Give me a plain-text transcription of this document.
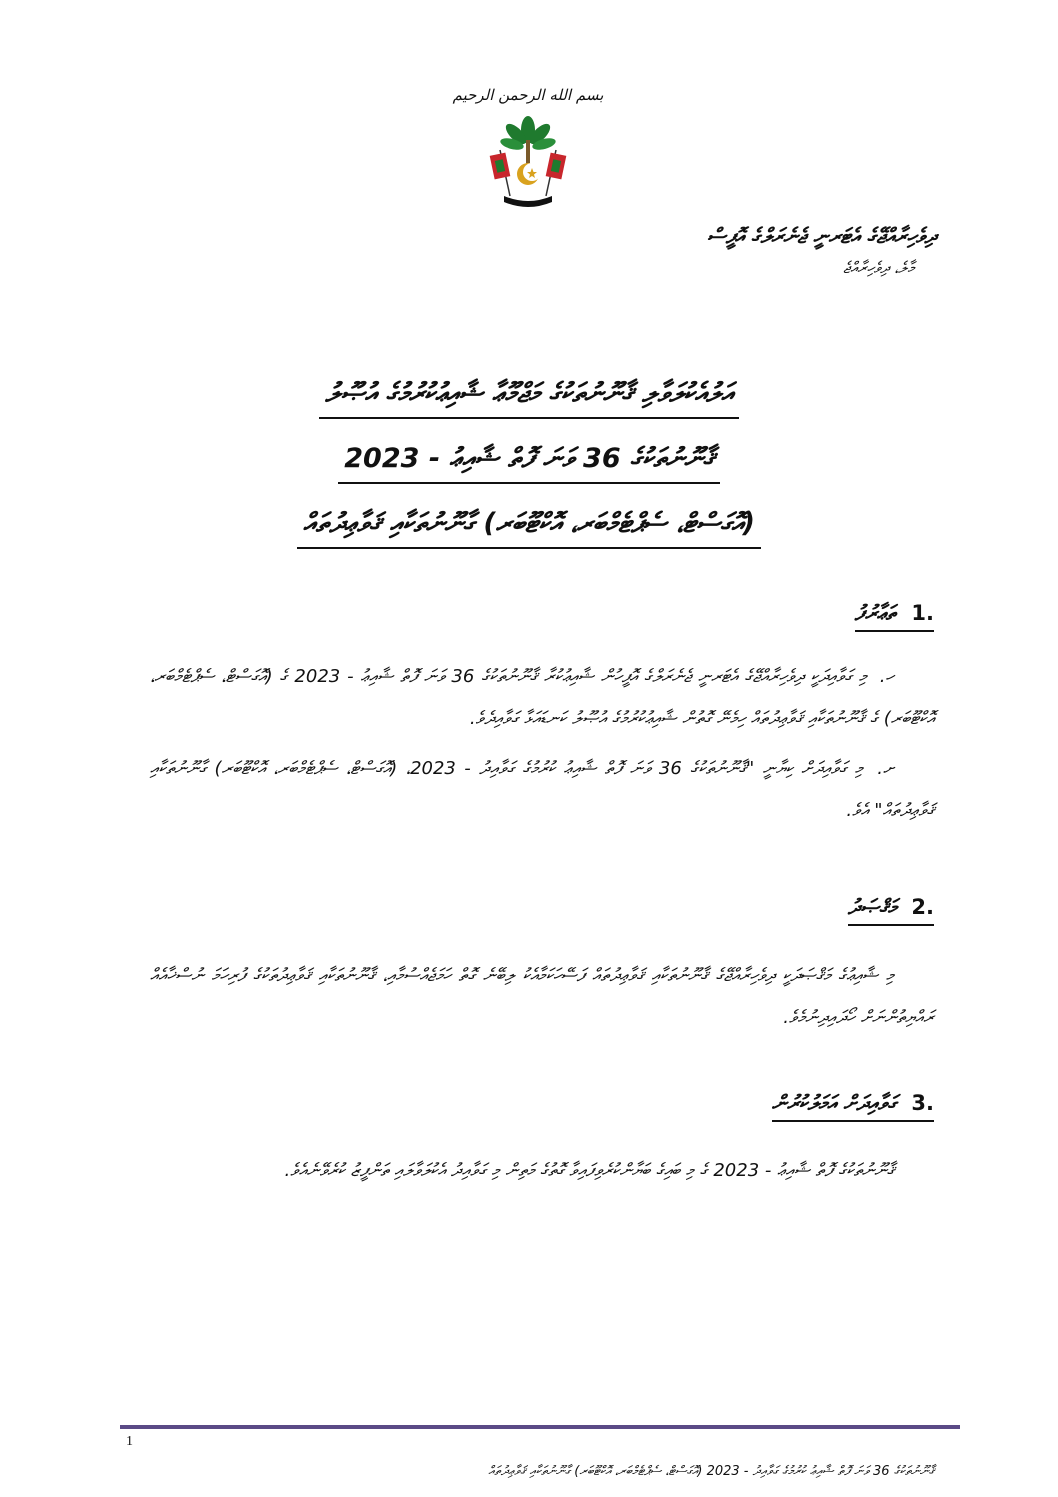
بسم الله الرحمن الرحيم
ދިވެހިރާއްޖޭގެ އެޓަރނީ ޖެނެރަލްގެ އޮފީސް
މާލެ، ދިވެހިރާއްޖެ
އަލުއެކުލަވާލި ޤާނޫނުތަކުގެ މަޖްމޫޢާ ޝާއިޢުކުރުމުގެ އުޞޫލު
ޤާނޫނުތަކުގެ 36 ވަނަ ފޮތް ޝާއިޢު - 2023
(އޮގަސްޓް، ސެޕްޓެމްބަރ، އޮކްޓޫބަރ) ގާނޫނުތަކާއި ޤަވާޢިދުތައް
.1 ތަޢާރުފު
ހ. މި ގަވާއިދަކީ ދިވެހިރާއްޖޭގެ އެޓަރނީ ޖެނެރަލްގެ އޮފީހުން ޝާއިޢުކުރާ ޤާނޫނުތަކުގެ 36 ވަނަ ފޮތް ޝާއިޢު - 2023 ގެ (އޮގަސްޓް، ސެޕްޓެމްބަރ، އޮކްޓޫބަރ) ގެ ޤާނޫނުތަކާއި ޤަވާޢިދުތައް ހިމެނޭ ގޮތުން ޝާއިޢުކުރުމުގެ އުޞޫލު ކަނޑައަޅާ ގަވާއިދެވެ.
ށ. މި ގަވާއިދަށް ކިޔާނީ "ޤާނޫނުތަކުގެ 36 ވަނަ ފޮތް ޝާއިޢު ކުރުމުގެ ގަވާއިދު - 2023، (އޮގަސްޓް، ސެޕްޓެމްބަރ، އޮކްޓޫބަރ) ގާނޫނުތަކާއި ޤަވާޢިދުތައް" އެވެ.
.2 މަޤްޞަދު
މި ޝާއިޢުގެ މަޤްޞަދަކީ ދިވެހިރާއްޖޭގެ ޤާނޫނުތަކާއި ޤަވާޢިދުތައް ފަސޭހަކަމާއެކު ލިބޭނެ ގޮތް ހަމަޖެއްސުމާއި، ޤާނޫނުތަކާއި ޤަވާޢިދުތަކުގެ ފުރިހަމަ ނުސްޚާއެއް ރައްޔިތުންނަށް ހޯދައިދިނުމެވެ.
.3 ގަވާއިދަށް އަމަލުކުރުން
ޤާނޫނުތަކުގެ ފޮތް ޝާއިޢު - 2023 ގެ މި ބައިގެ ބަޔާންކުރެވިފައިވާ ގޮތުގެ މަތިން މި ގަވާއިދު އެކުލަވާލައި ތަންފީޒު ކުރެވޭނެއެވެ.
1
ޤާނޫނުތަކުގެ 36 ވަނަ ފޮތް ޝާއިޢު ކުރުމުގެ ގަވާއިދު - 2023 (އޮގަސްޓް، ސެޕްޓެމްބަރ، އޮކްޓޫބަރ) ގާނޫނުތަކާއި ޤަވާޢިދުތައް
